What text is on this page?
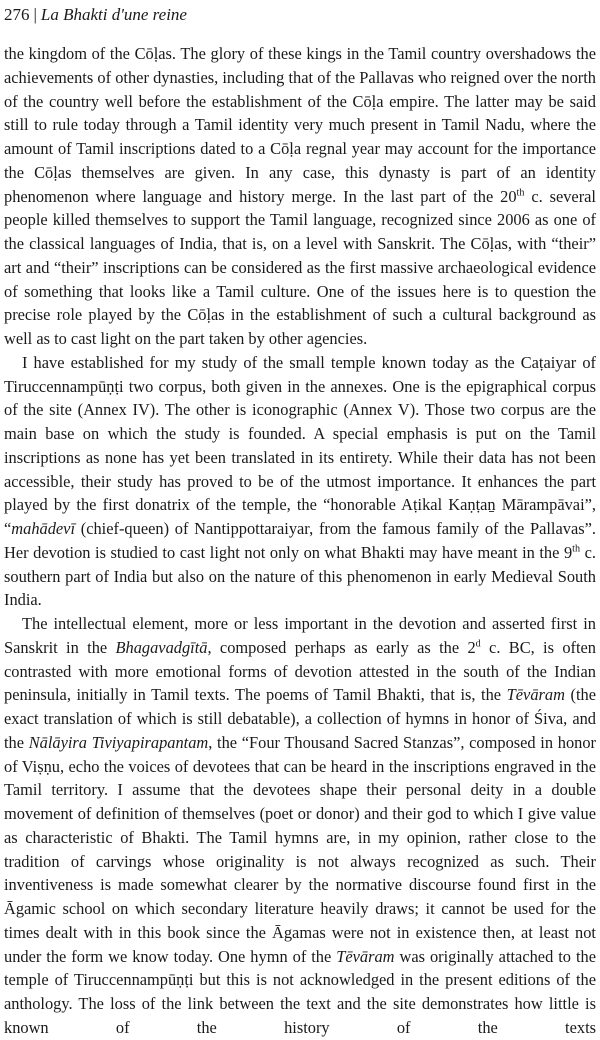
276 | La Bhakti d'une reine

the kingdom of the Cōḷas. The glory of these kings in the Tamil country overshadows the achievements of other dynasties, including that of the Pallavas who reigned over the north of the country well before the establishment of the Cōḷa empire. The latter may be said still to rule today through a Tamil identity very much present in Tamil Nadu, where the amount of Tamil inscriptions dated to a Cōḷa regnal year may account for the importance the Cōḷas themselves are given. In any case, this dynasty is part of an identity phenomenon where language and history merge. In the last part of the 20th c. several people killed themselves to support the Tamil language, recognized since 2006 as one of the classical languages of India, that is, on a level with Sanskrit. The Cōḷas, with “their” art and “their” inscriptions can be considered as the first massive archaeological evidence of something that looks like a Tamil culture. One of the issues here is to question the precise role played by the Cōḷas in the establishment of such a cultural background as well as to cast light on the part taken by other agencies.

I have established for my study of the small temple known today as the Caṭaiyar of Tiruccennampūṇṭi two corpus, both given in the annexes. One is the epigraphical corpus of the site (Annex IV). The other is iconographic (Annex V). Those two corpus are the main base on which the study is founded. A special emphasis is put on the Tamil inscriptions as none has yet been translated in its entirety. While their data has not been accessible, their study has proved to be of the utmost importance. It enhances the part played by the first donatrix of the temple, the “honorable Aṭikal Kaṇṭaṉ Mārampāvai”, “mahādevī (chief-queen) of Nantippottaraiyar, from the famous family of the Pallavas”. Her devotion is studied to cast light not only on what Bhakti may have meant in the 9th c. southern part of India but also on the nature of this phenomenon in early Medieval South India.

The intellectual element, more or less important in the devotion and asserted first in Sanskrit in the Bhagavadgītā, composed perhaps as early as the 2$^d$ c. BC, is often contrasted with more emotional forms of devotion attested in the south of the Indian peninsula, initially in Tamil texts. The poems of Tamil Bhakti, that is, the Tēvāram (the exact translation of which is still debatable), a collection of hymns in honor of Śiva, and the Nālāyira Tiviyapirapantam, the “Four Thousand Sacred Stanzas”, composed in honor of Viṣṇu, echo the voices of devotees that can be heard in the inscriptions engraved in the Tamil territory. I assume that the devotees shape their personal deity in a double movement of definition of themselves (poet or donor) and their god to which I give value as characteristic of Bhakti. The Tamil hymns are, in my opinion, rather close to the tradition of carvings whose originality is not always recognized as such. Their inventiveness is made somewhat clearer by the normative discourse found first in the Āgamic school on which secondary literature heavily draws; it cannot be used for the times dealt with in this book since the Āgamas were not in existence then, at least not under the form we know today. One hymn of the Tēvāram was originally attached to the temple of Tiruccennampūṇṭi but this is not acknowledged in the present editions of the anthology. The loss of the link between the text and the site demonstrates how little is known of the history of the texts
